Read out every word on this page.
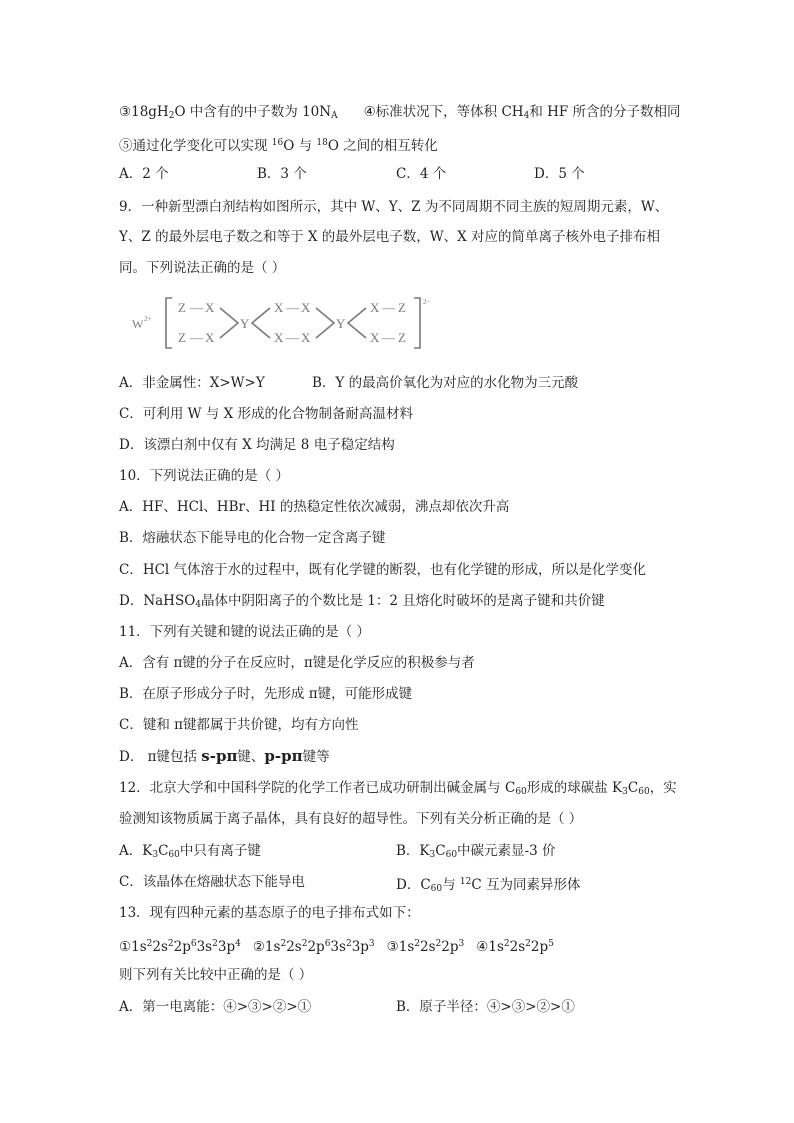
$③18gH_2O$ 中含有的中子数为 $10N_A$ ④标准状况下，等体积 $CH_4$和 HF 所含的分子数相同
⑤通过化学变化可以实现 $^{16}$O 与 $^{18}$O 之间的相互转化
A．2 个	B．3 个	C．4 个	D．5 个
9．一种新型漂白剂结构如图所示，其中 W、Y、Z 为不同周期不同主族的短周期元素，W、
Y、Z 的最外层电子数之和等于 X 的最外层电子数，W、X 对应的简单离子核外电子排布相
同。下列说法正确的是（ ）
W 2+
Z — X
Z — X
Y
X — X
X — X
Y
X — Z
X — Z
2−
A．非金属性：X>W>Y	B．Y 的最高价氧化为对应的水化物为三元酸
C．可利用 W 与 X 形成的化合物制备耐高温材料
D．该漂白剂中仅有 X 均满足 8 电子稳定结构
10．下列说法正确的是（ ）
A．HF、HCl、HBr、HI 的热稳定性依次减弱，沸点却依次升高
B．熔融状态下能导电的化合物一定含离子键
C．HCl 气体溶于水的过程中，既有化学键的断裂，也有化学键的形成，所以是化学变化
D．NaHSO$_4$晶体中阴阳离子的个数比是 1：2 且熔化时破坏的是离子键和共价键
11．下列有关键和键的说法正确的是（ ）
A．含有 π键的分子在反应时，π键是化学反应的积极参与者
B．在原子形成分子时，先形成 π键，可能形成键
C．键和 π键都属于共价键，均有方向性
D． π键包括 s-pπ键、p-pπ键等
12．北京大学和中国科学院的化学工作者已成功研制出碱金属与 $C_{60}$形成的球碳盐 $K_3C_{60}$，实
验测知该物质属于离子晶体，具有良好的超导性。下列有关分析正确的是（ ）
A．$K_3C_{60}$中只有离子键	B．$K_3C_{60}$中碳元素显-3 价
C．该晶体在熔融状态下能导电	D．$C_{60}$与 $^{12}$C 互为同素异形体
13．现有四种元素的基态原子的电子排布式如下：
$①1s^22s^22p^63s^23p^4$ $②1s^22s^22p^63s^23p^3$ $③1s^22s^22p^3$ $④1s^22s^22p^5$
则下列有关比较中正确的是（ ）
A．第一电离能：④>③>②>①	B．原子半径：④>③>②>①
